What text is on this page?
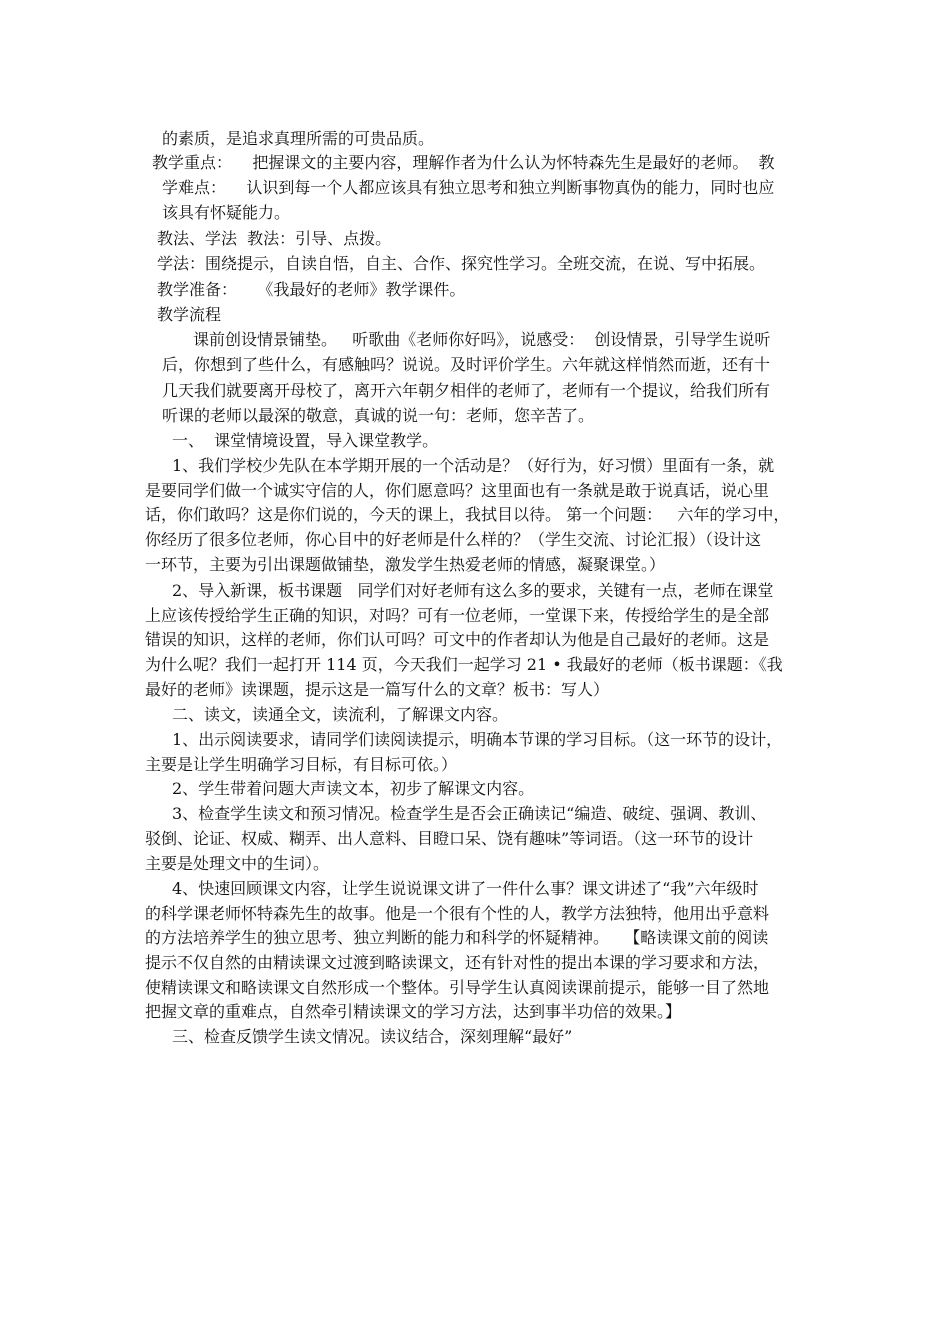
的素质，是追求真理所需的可贵品质。

教学重点：    把握课文的主要内容，理解作者为什么认为怀特森先生是最好的老师。  教

学难点：    认识到每一个人都应该具有独立思考和独立判断事物真伪的能力，同时也应

该具有怀疑能力。

教法、学法  教法：引导、点拨。

学法：围绕提示，自读自悟，自主、合作、探究性学习。全班交流，在说、写中拓展。

教学准备：    《我最好的老师》教学课件。

教学流程

课前创设情景铺垫。   听歌曲《老师你好吗》，说感受：  创设情景，引导学生说听

后，你想到了些什么，有感触吗？说说。及时评价学生。六年就这样悄然而逝，还有十

几天我们就要离开母校了，离开六年朝夕相伴的老师了，老师有一个提议，给我们所有

听课的老师以最深的敬意，真诚的说一句：老师，您辛苦了。

一、  课堂情境设置，导入课堂教学。

1、我们学校少先队在本学期开展的一个活动是？（好行为，好习惯）里面有一条，就

是要同学们做一个诚实守信的人，你们愿意吗？这里面也有一条就是敢于说真话，说心里

话，你们敢吗？这是你们说的，今天的课上，我拭目以待。 第一个问题：   六年的学习中，

你经历了很多位老师，你心目中的好老师是什么样的？（学生交流、讨论汇报）（设计这

一环节，主要为引出课题做铺垫，激发学生热爱老师的情感，凝聚课堂。）

2、导入新课，板书课题   同学们对好老师有这么多的要求，关键有一点，老师在课堂

上应该传授给学生正确的知识，对吗？可有一位老师，一堂课下来，传授给学生的是全部

错误的知识，这样的老师，你们认可吗？可文中的作者却认为他是自己最好的老师。这是

为什么呢？我们一起打开 114 页，今天我们一起学习 21 • 我最好的老师（板书课题：《我

最好的老师》读课题，提示这是一篇写什么的文章？板书：写人）

二、读文，读通全文，读流利，了解课文内容。

1、出示阅读要求，请同学们读阅读提示，明确本节课的学习目标。（这一环节的设计，

主要是让学生明确学习目标，有目标可依。）

2、学生带着问题大声读文本，初步了解课文内容。

3、检查学生读文和预习情况。检查学生是否会正确读记“编造、破绽、强调、教训、

驳倒、论证、权威、糊弄、出人意料、目瞪口呆、饶有趣味”等词语。（这一环节的设计

主要是处理文中的生词）。

4、快速回顾课文内容，让学生说说课文讲了一件什么事？课文讲述了“我”六年级时

的科学课老师怀特森先生的故事。他是一个很有个性的人，教学方法独特，他用出乎意料

的方法培养学生的独立思考、独立判断的能力和科学的怀疑精神。   【略读课文前的阅读

提示不仅自然的由精读课文过渡到略读课文，还有针对性的提出本课的学习要求和方法，

使精读课文和略读课文自然形成一个整体。引导学生认真阅读课前提示，能够一目了然地

把握文章的重难点，自然牵引精读课文的学习方法，达到事半功倍的效果。】

三、检查反馈学生读文情况。读议结合，深刻理解“最好”
